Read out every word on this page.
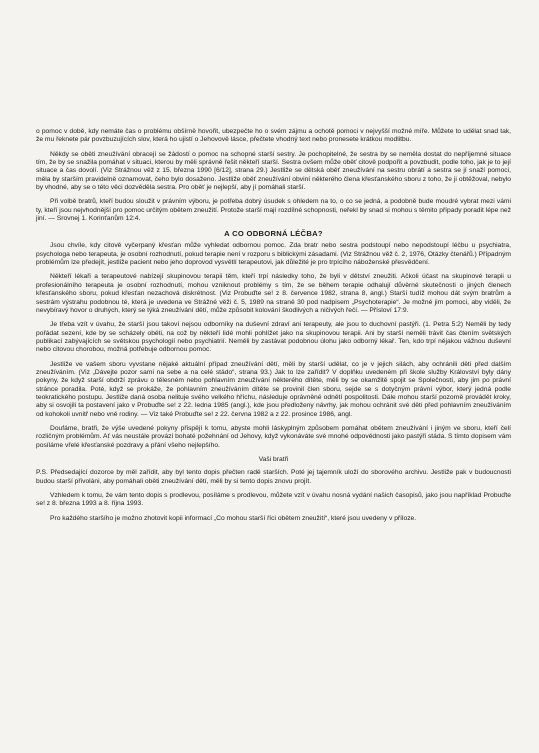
o pomoc v době, kdy nemáte čas o problému obšírně hovořit, ubezpečte ho o svém zájmu a ochotě pomoci v nejvyšší možné míře. Můžete to udělat snad tak, že mu řeknete pár povzbuzujících slov, která ho ujistí o Jehovově lásce, přečtete vhodný text nebo pronesete krátkou modlitbu.

Někdy se oběti zneužívání obracejí se žádostí o pomoc na schopné starší sestry. Je pochopitelné, že sestra by se neměla dostat do nepříjemné situace tím, že by se snažila pomáhat v situaci, kterou by měli správně řešit někteří starší. Sestra ovšem může oběť citově podpořit a povzbudit, podle toho, jak je to její situace a čas dovolí. (Viz Strážnou věž z 15. března 1990 [6/12], strana 29.) Jestliže se dětská oběť zneužívání na sestru obrátí a sestra se jí snaží pomoci, měla by starším pravidelně oznamovat, čeho bylo dosaženo. Jestliže oběť zneužívání obviní některého člena křesťanského sboru z toho, že ji obtěžoval, nebylo by vhodné, aby se o této věci dozvěděla sestra. Pro oběť je nejlepší, aby jí pomáhali starší.

Při volbě bratrů, kteří budou sloužit v právním výboru, je potřeba dobrý úsudek s ohledem na to, o co se jedná, a podobně bude moudré vybrat mezi vámi ty, kteří jsou nejvhodnější pro pomoc určitým obětem zneužití. Protože starší mají rozdílné schopnosti, neřekl by snad si mohou s těmito případy poradit lépe než jiní. — Srovnej 1. Korinťanům 12:4.

A CO ODBORNÁ LÉČBA?

Jsou chvíle, kdy citově vyčerpaný křesťan může vyhledat odbornou pomoc. Zda bratr nebo sestra podstoupí nebo nepodstoupí léčbu u psychiatra, psychologa nebo terapeuta, je osobní rozhodnutí, pokud terapie není v rozporu s biblickými zásadami. (Viz Strážnou věž č. 2, 1976, Otázky čtenářů.) Případným problémům lze předejít, jestliže pacient nebo jeho doprovod vysvětlí terapeutovi, jak důležité je pro trpícího náboženské přesvědčení.

Někteří lékaři a terapeutové nabízejí skupinovou terapii těm, kteří trpí následky toho, že byli v dětství zneužiti. Ačkoli účast na skupinové terapii u profesionálního terapeuta je osobní rozhodnutí, mohou vzniknout problémy s tím, že se během terapie odhalují důvěrné skutečnosti o jiných členech křesťanského sboru, pokud křesťan nezachová diskrétnost. (Viz Probuďte se! z 8. července 1982, strana 8, angl.) Starší tudíž mohou dát svým bratrům a sestrám výstrahu podobnou té, která je uvedena ve Strážné věži č. 5, 1989 na straně 30 pod nadpisem „Psychoterapie“. Je možné jim pomoci, aby viděli, že nevybíravý hovor o druhých, který se týká zneužívání dětí, může způsobit kolování škodlivých a ničivých řečí. — Přísloví 17:9.

Je třeba vzít v úvahu, že starší jsou takoví nejsou odborníky na duševní zdraví ani terapeuty, ale jsou to duchovní pastýři. (1. Petra 5:2) Neměli by tedy pořádat sezení, kde by se scházely oběti, na což by někteří lidé mohli pohlížet jako na skupinovou terapii. Ani by starší neměli trávit čas čtením světských publikací zabývajících se světskou psychologií nebo psychiatrií. Neměli by zastávat podobnou úlohu jako odborný lékař. Ten, kdo trpí nějakou vážnou duševní nebo citovou chorobou, možná potřebuje odbornou pomoc.

Jestliže ve vašem sboru vyvstane nějaké aktuální případ zneužívání dětí, měli by starší udělat, co je v jejich silách, aby ochránili děti před dalším zneužíváním. (Viz „Dávejte pozor sami na sebe a na celé stádo“, strana 93.) Jak to lze zařídit? V doplňku uvedeném při škole služby Království byly dány pokyny, že když starší obdrží zprávu o tělesném nebo pohlavním zneužívání některého dítěte, měli by se okamžitě spojit se Společností, aby jim po právní stránce poradila. Poté, když se prokáže, že pohlavním zneužíváním dítěte se provinil člen sboru, sejde se s dotyčným právní výbor, který jedná podle teokratického postupu. Jestliže daná osoba nelituje svého velkého hříchu, následuje oprávněné odnětí pospolitosti. Dále mohou starší pozorně provádět kroky, aby si osvojili ta postavení jako v Probuďte se! z 22. ledna 1985 (angl.), kde jsou předloženy návrhy, jak mohou ochránit své děti před pohlavním zneužíváním od kohokoli uvnitř nebo vně rodiny. — Viz také Probuďte se! z 22. června 1982 a z 22. prosince 1986, angl.

Doufáme, bratři, že výše uvedené pokyny přispějí k tomu, abyste mohli láskyplným způsobem pomáhat obětem zneužívání i jiným ve sboru, kteří čelí rozličným problémům. Ať vás neustále provází bohaté požehnání od Jehovy, když vykonáváte své mnohé odpovědnosti jako pastýři stáda. S tímto dopisem vám posíláme vřelé křesťanské pozdravy a přání všeho nejlepšího.

Vaši bratři

P.S. Předsedající dozorce by měl zařídit, aby byl tento dopis přečten radě starších. Poté jej tajemník uloží do sborového archivu. Jestliže pak v budoucnosti budou starší přivoláni, aby pomáhali oběti zneužívání dětí, měli by si tento dopis znovu projít.

Vzhledem k tomu, že vám tento dopis s prodlevou, posíláme s prodlevou, můžete vzít v úvahu nosná vydání našich časopisů, jako jsou například Probuďte se! z 8. března 1993 a 8. října 1993.

Pro každého staršího je možno zhotovit kopii informací „Co mohou starší říci obětem zneužití“, které jsou uvedeny v příloze.
